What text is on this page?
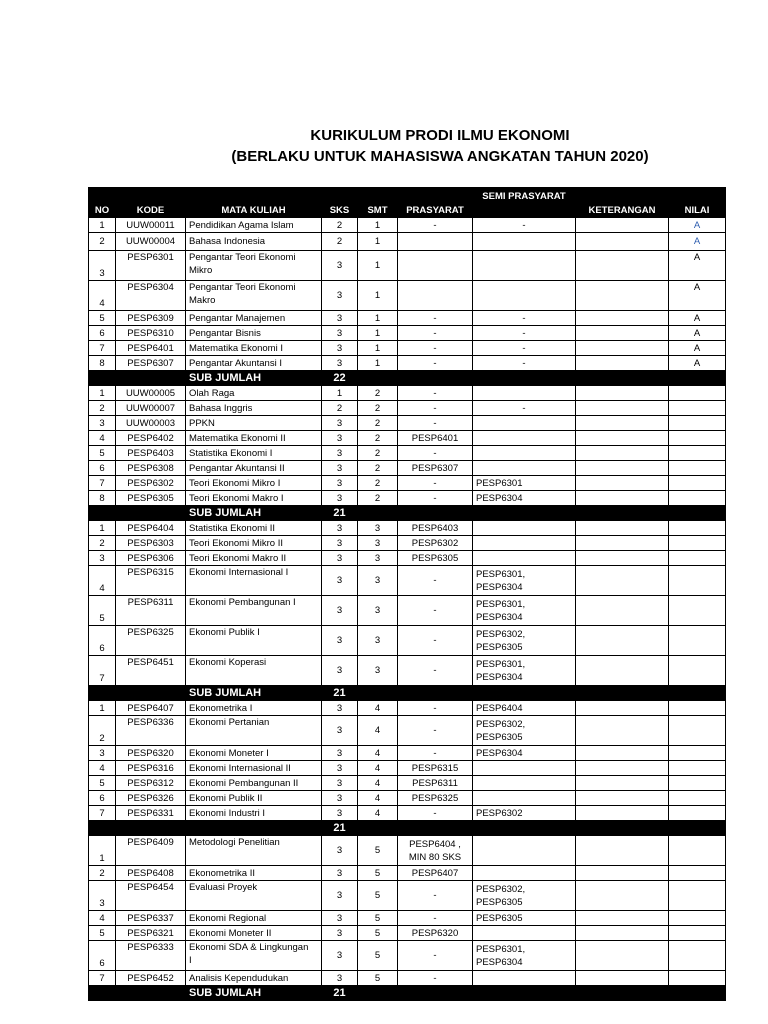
KURIKULUM PRODI ILMU EKONOMI
(BERLAKU UNTUK MAHASISWA ANGKATAN TAHUN 2020)
						SEMI PRASYARAT		
NO	KODE	MATA KULIAH	SKS	SMT	PRASYARAT		KETERANGAN	NILAI
1	UUW00011	Pendidikan Agama Islam	2	1	-	-		A
2	UUW00004	Bahasa Indonesia	2	1				A
3	PESP6301	Pengantar Teori Ekonomi
Mikro	3	1				A
4	PESP6304	Pengantar Teori Ekonomi
Makro	3	1				A
5	PESP6309	Pengantar Manajemen	3	1	-	-		A
6	PESP6310	Pengantar Bisnis	3	1	-	-		A
7	PESP6401	Matematika Ekonomi I	3	1	-	-		A
8	PESP6307	Pengantar Akuntansi I	3	1	-	-		A
		SUB JUMLAH	22					
1	UUW00005	Olah Raga	1	2	-			
2	UUW00007	Bahasa Inggris	2	2	-	-		
3	UUW00003	PPKN	3	2	-			
4	PESP6402	Matematika Ekonomi II	3	2	PESP6401			
5	PESP6403	Statistika Ekonomi I	3	2	-			
6	PESP6308	Pengantar Akuntansi II	3	2	PESP6307			
7	PESP6302	Teori Ekonomi Mikro I	3	2	-	PESP6301		
8	PESP6305	Teori Ekonomi Makro I	3	2	-	PESP6304		
		SUB JUMLAH	21					
1	PESP6404	Statistika Ekonomi II	3	3	PESP6403			
2	PESP6303	Teori Ekonomi Mikro II	3	3	PESP6302			
3	PESP6306	Teori Ekonomi Makro II	3	3	PESP6305			
4	PESP6315	Ekonomi Internasional I	3	3	-	PESP6301,
PESP6304		
5	PESP6311	Ekonomi Pembangunan I	3	3	-	PESP6301,
PESP6304		
6	PESP6325	Ekonomi Publik I	3	3	-	PESP6302,
PESP6305		
7	PESP6451	Ekonomi Koperasi	3	3	-	PESP6301,
PESP6304		
		SUB JUMLAH	21					
1	PESP6407	Ekonometrika I	3	4	-	PESP6404		
2	PESP6336	Ekonomi Pertanian	3	4	-	PESP6302,
PESP6305		
3	PESP6320	Ekonomi Moneter I	3	4	-	PESP6304		
4	PESP6316	Ekonomi Internasional II	3	4	PESP6315			
5	PESP6312	Ekonomi Pembangunan II	3	4	PESP6311			
6	PESP6326	Ekonomi Publik II	3	4	PESP6325			
7	PESP6331	Ekonomi Industri I	3	4	-	PESP6302		
			21					
1	PESP6409	Metodologi Penelitian	3	5	PESP6404 ,
MIN 80 SKS			
2	PESP6408	Ekonometrika II	3	5	PESP6407			
3	PESP6454	Evaluasi Proyek	3	5	-	PESP6302,
PESP6305		
4	PESP6337	Ekonomi Regional	3	5	-	PESP6305		
5	PESP6321	Ekonomi Moneter II	3	5	PESP6320			
6	PESP6333	Ekonomi SDA & Lingkungan
I	3	5	-	PESP6301,
PESP6304		
7	PESP6452	Analisis Kependudukan	3	5	-			
		SUB JUMLAH	21					
